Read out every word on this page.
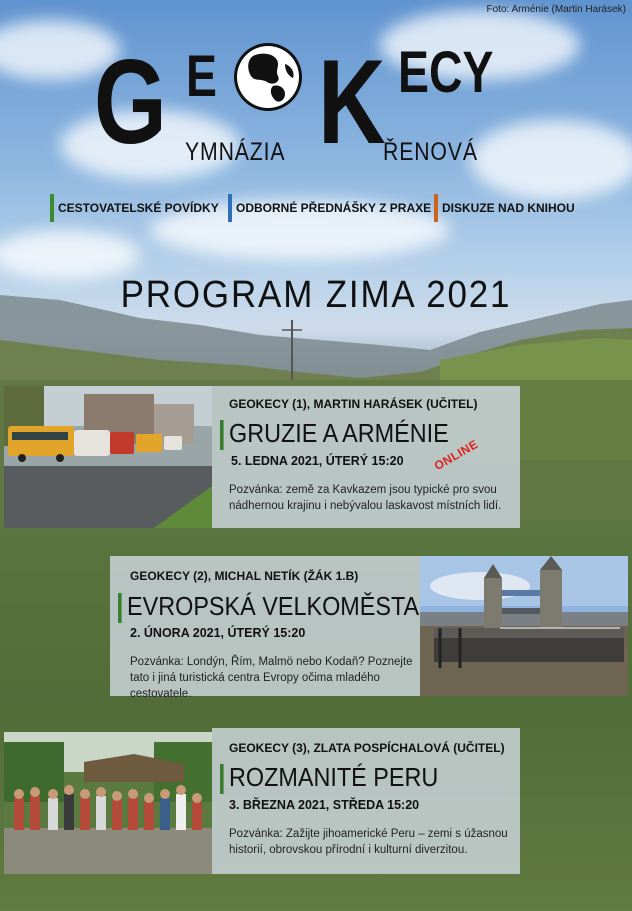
Foto: Arménie (Martin Harásek)
G E K ECY
YMNÁZIA	ŘENOVÁ
CESTOVATELSKÉ POVÍDKY ODBORNÉ PŘEDNÁŠKY Z PRAXE DISKUZE NAD KNIHOU
PROGRAM ZIMA 2021
GEOKECY (1), MARTIN HARÁSEK (UČITEL)
GRUZIE A ARMÉNIE
5. LEDNA 2021, ÚTERÝ 15:20
Pozvánka: země za Kavkazem jsou typické pro svou nádhernou krajinu i nebývalou laskavost místních lidí.
ONLINE
GEOKECY (2), MICHAL NETÍK (ŽÁK 1.B)
EVROPSKÁ VELKOMĚSTA
2. ÚNORA 2021, ÚTERÝ 15:20
Pozvánka: Londýn, Řím, Malmö nebo Kodaň? Poznejte tato i jiná turistická centra Evropy očima mladého cestovatele.
GEOKECY (3), ZLATA POSPÍCHALOVÁ (UČITEL)
ROZMANITÉ PERU
3. BŘEZNA 2021, STŘEDA 15:20
Pozvánka: Zažijte jihoamerické Peru – zemi s úžasnou historií, obrovskou přírodní i kulturní diverzitou.
